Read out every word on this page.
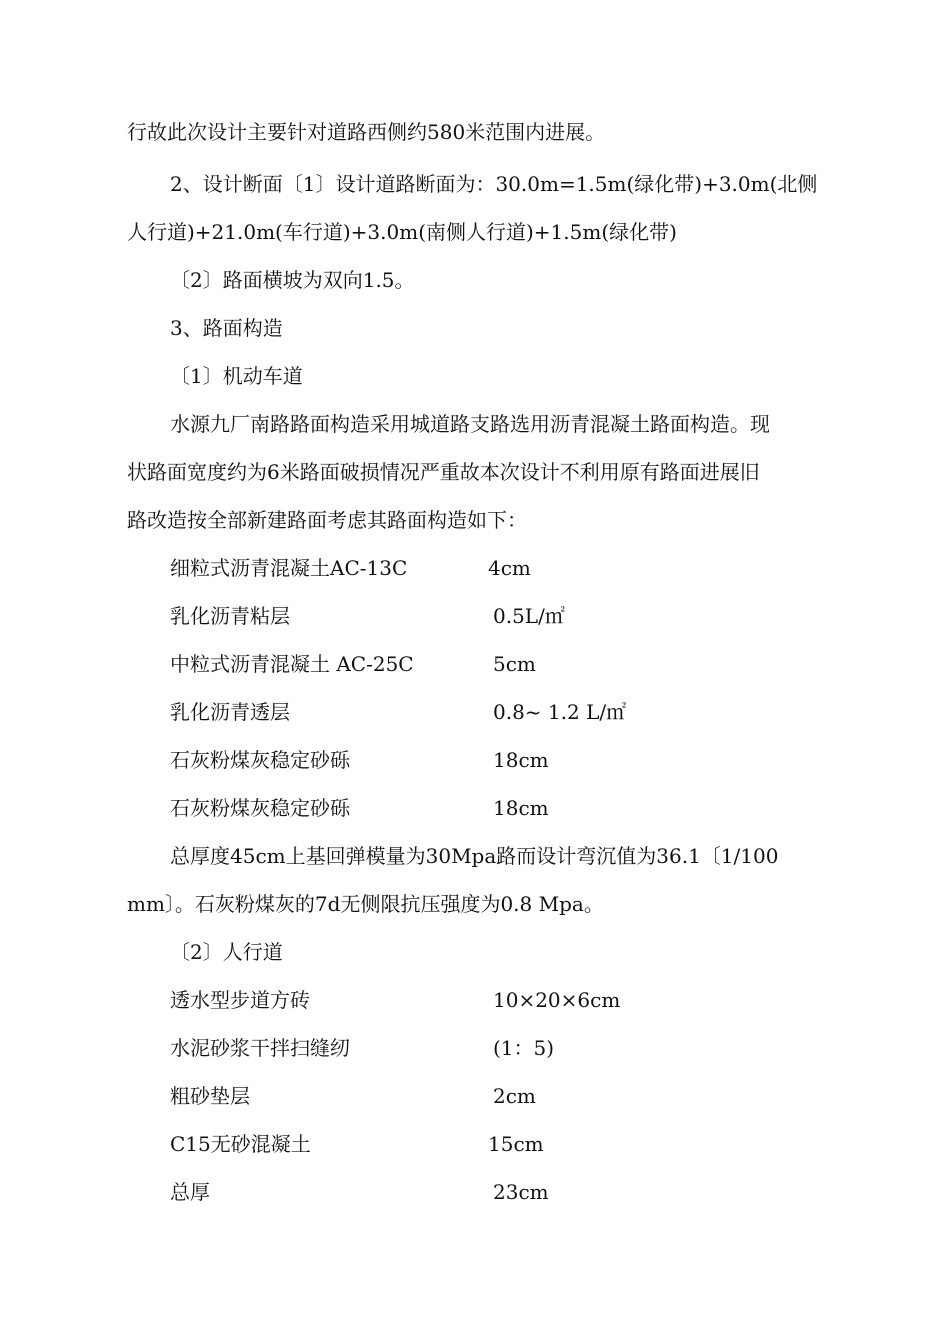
行故此次设计主要针对道路西侧约580米范围内进展。
2、设计断面〔1〕设计道路断面为：30.0m=1.5m(绿化带)+3.0m(北侧
人行道)+21.0m(车行道)+3.0m(南侧人行道)+1.5m(绿化带)
〔2〕路面横坡为双向1.5。
3、路面构造
〔1〕机动车道
水源九厂南路路面构造采用城道路支路选用沥青混凝土路面构造。现
状路面宽度约为6米路面破损情况严重故本次设计不利用原有路面进展旧
路改造按全部新建路面考虑其路面构造如下：
细粒式沥青混凝土AC-13C	4cm
乳化沥青粘层	0.5L/㎡
中粒式沥青混凝土 AC-25C	5cm
乳化沥青透层	0.8~ 1.2 L/㎡
石灰粉煤灰稳定砂砾	18cm
石灰粉煤灰稳定砂砾	18cm
总厚度45cm上基回弹模量为30Mpa路而设计弯沉值为36.1〔1/100
mm〕。石灰粉煤灰的7d无侧限抗压强度为0.8 Mpa。
〔2〕人行道
透水型步道方砖	10×20×6cm
水泥砂浆干拌扫缝纫	(1：5)
粗砂垫层	2cm
C15无砂混凝土	15cm
总厚	23cm
